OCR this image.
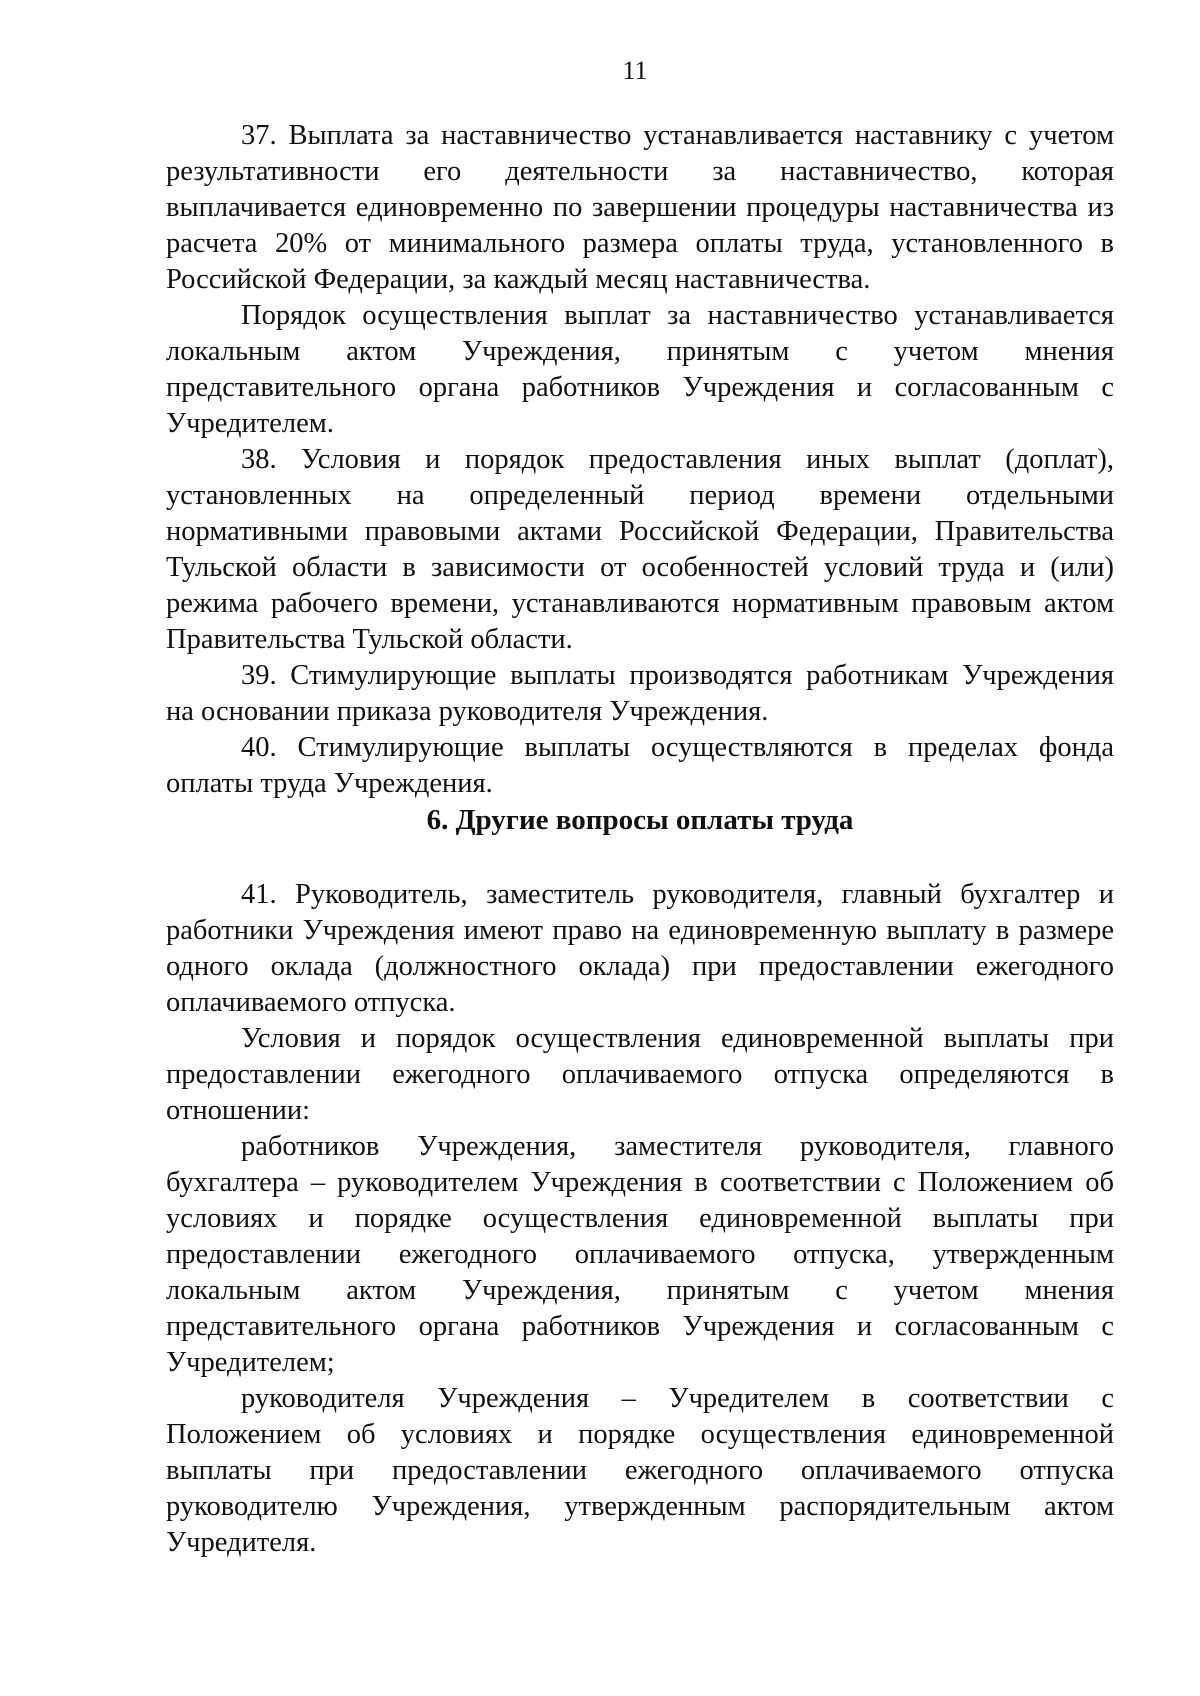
11

37. Выплата за наставничество устанавливается наставнику с учетом результативности его деятельности за наставничество, которая выплачивается единовременно по завершении процедуры наставничества из расчета 20% от минимального размера оплаты труда, установленного в Российской Федерации, за каждый месяц наставничества.

Порядок осуществления выплат за наставничество устанавливается локальным актом Учреждения, принятым с учетом мнения представительного органа работников Учреждения и согласованным с Учредителем.

38. Условия и порядок предоставления иных выплат (доплат), установленных на определенный период времени отдельными нормативными правовыми актами Российской Федерации, Правительства Тульской области в зависимости от особенностей условий труда и (или) режима рабочего времени, устанавливаются нормативным правовым актом Правительства Тульской области.

39. Стимулирующие выплаты производятся работникам Учреждения на основании приказа руководителя Учреждения.

40. Стимулирующие выплаты осуществляются в пределах фонда оплаты труда Учреждения.

6. Другие вопросы оплаты труда

41. Руководитель, заместитель руководителя, главный бухгалтер и работники Учреждения имеют право на единовременную выплату в размере одного оклада (должностного оклада) при предоставлении ежегодного оплачиваемого отпуска.

Условия и порядок осуществления единовременной выплаты при предоставлении ежегодного оплачиваемого отпуска определяются в отношении:

работников Учреждения, заместителя руководителя, главного бухгалтера – руководителем Учреждения в соответствии с Положением об условиях и порядке осуществления единовременной выплаты при предоставлении ежегодного оплачиваемого отпуска, утвержденным локальным актом Учреждения, принятым с учетом мнения представительного органа работников Учреждения и согласованным с Учредителем;

руководителя Учреждения – Учредителем в соответствии с Положением об условиях и порядке осуществления единовременной выплаты при предоставлении ежегодного оплачиваемого отпуска руководителю Учреждения, утвержденным распорядительным актом Учредителя.
